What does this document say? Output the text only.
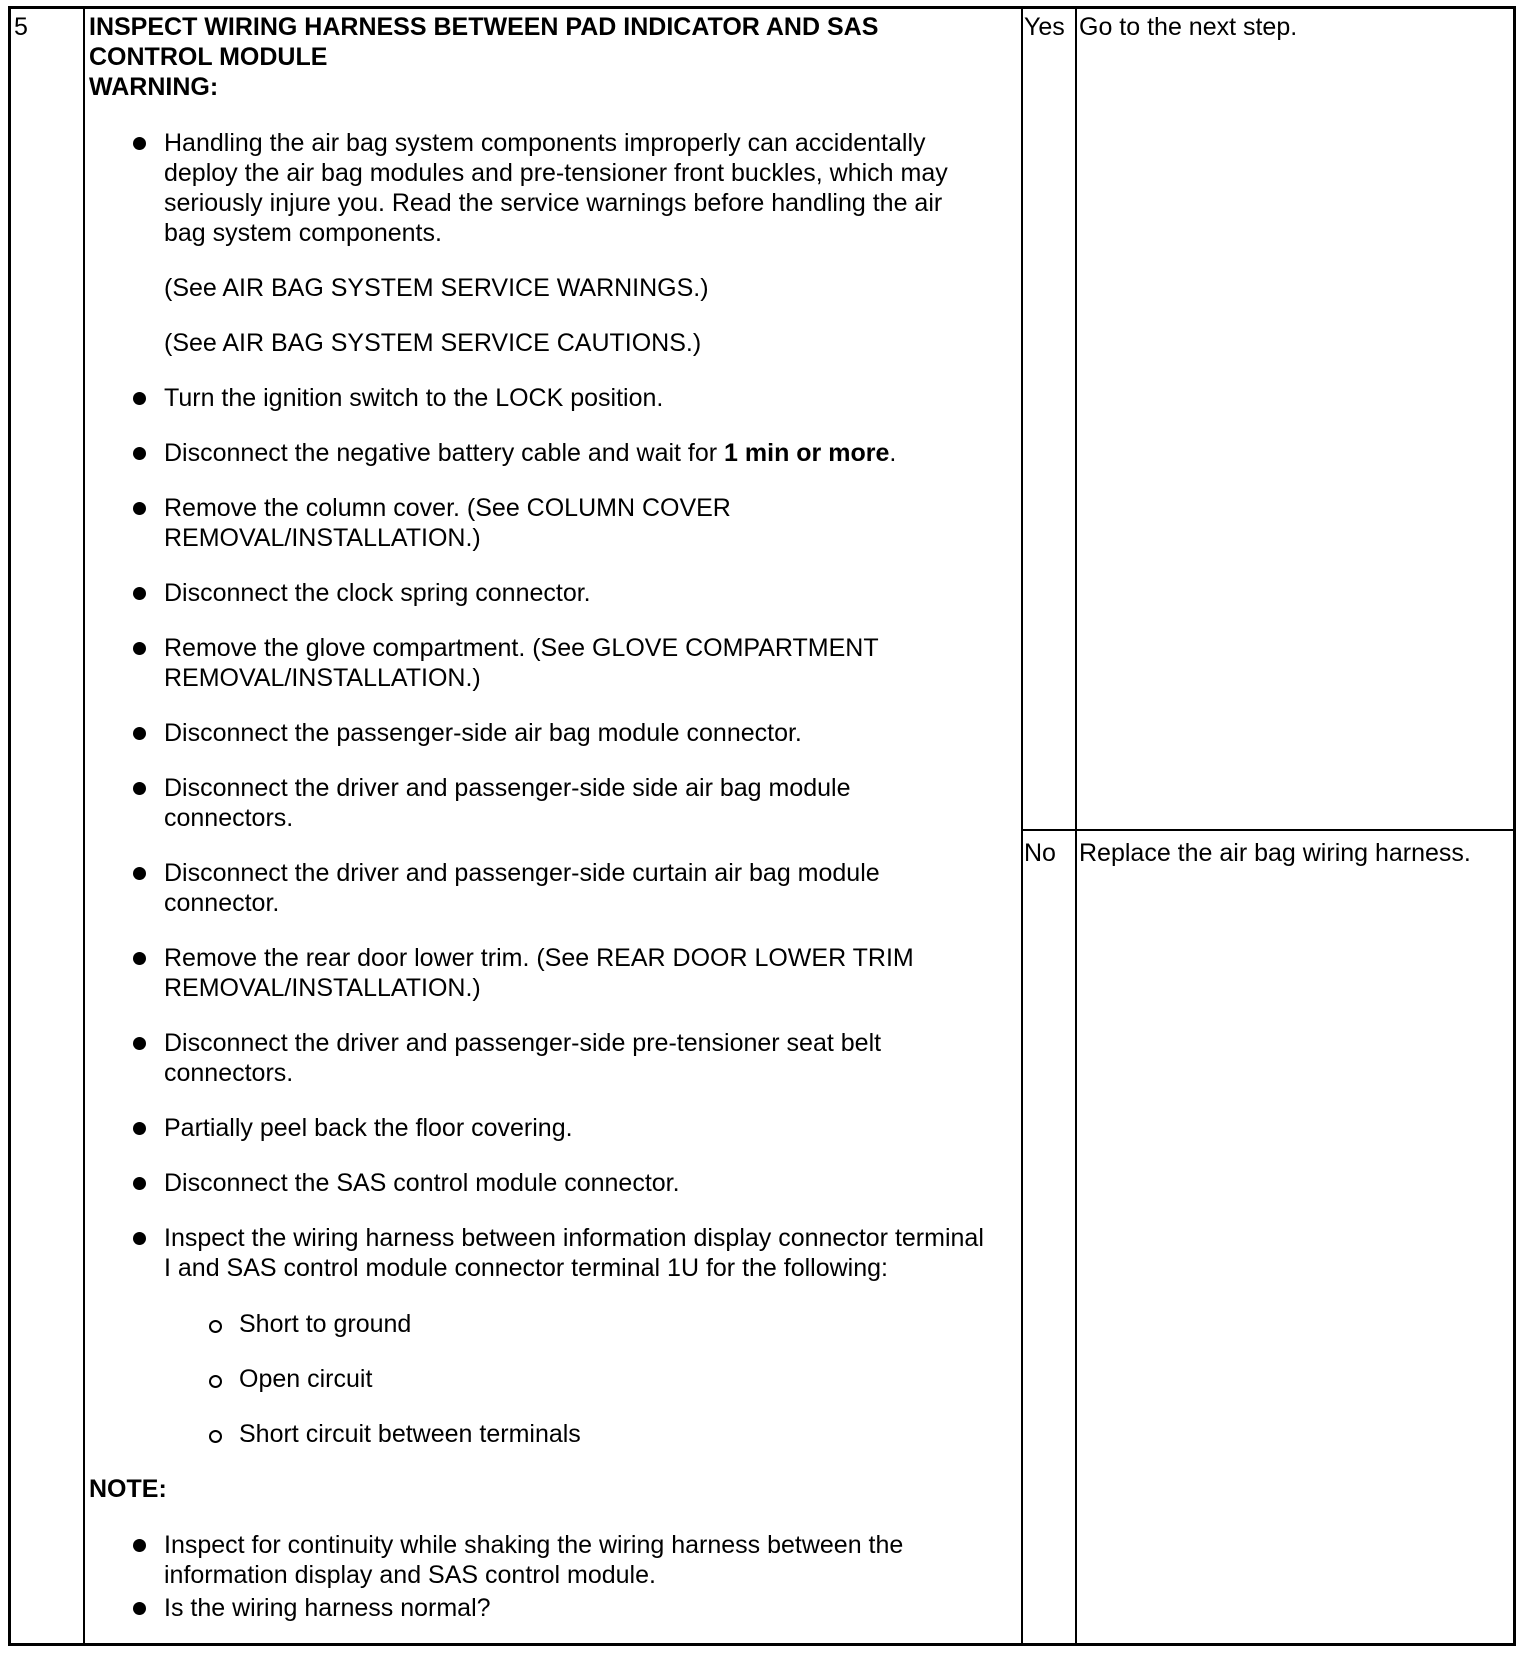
5 INSPECT WIRING HARNESS BETWEEN PAD INDICATOR AND SAS
CONTROL MODULE
WARNING:
Handling the air bag system components improperly can accidentally
deploy the air bag modules and pre-tensioner front buckles, which may
seriously injure you. Read the service warnings before handling the air
bag system components.
(See AIR BAG SYSTEM SERVICE WARNINGS.)
(See AIR BAG SYSTEM SERVICE CAUTIONS.)
Turn the ignition switch to the LOCK position.
Disconnect the negative battery cable and wait for 1 min or more.
Remove the column cover. (See COLUMN COVER
REMOVAL/INSTALLATION.)
Disconnect the clock spring connector.
Remove the glove compartment. (See GLOVE COMPARTMENT
REMOVAL/INSTALLATION.)
Disconnect the passenger-side air bag module connector.
Disconnect the driver and passenger-side side air bag module
connectors.
Disconnect the driver and passenger-side curtain air bag module
connector.
Remove the rear door lower trim. (See REAR DOOR LOWER TRIM
REMOVAL/INSTALLATION.)
Disconnect the driver and passenger-side pre-tensioner seat belt
connectors.
Partially peel back the floor covering.
Disconnect the SAS control module connector.
Inspect the wiring harness between information display connector terminal
I and SAS control module connector terminal 1U for the following:
Short to ground
Open circuit
Short circuit between terminals
NOTE:
Inspect for continuity while shaking the wiring harness between the
information display and SAS control module.
Is the wiring harness normal?
Yes Go to the next step.
No Replace the air bag wiring harness.
